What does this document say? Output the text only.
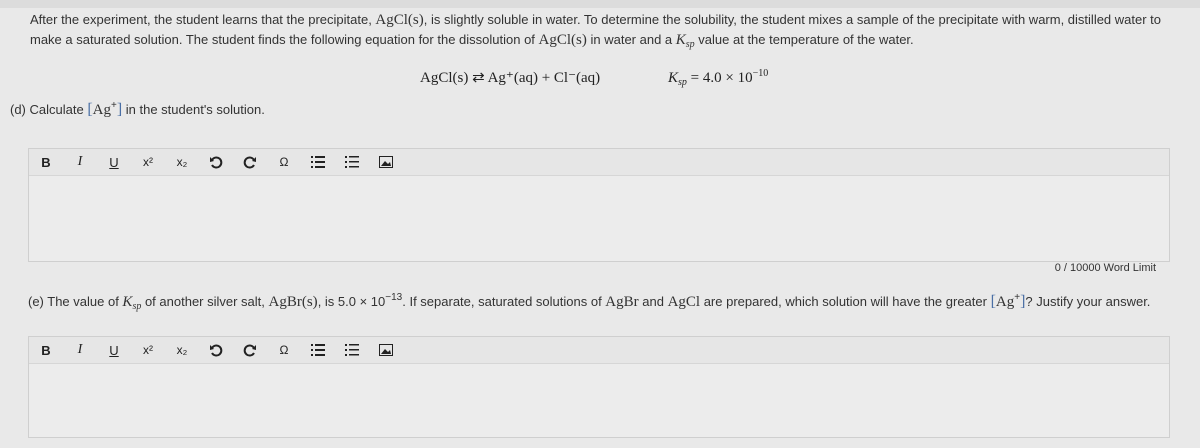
After the experiment, the student learns that the precipitate, AgCl(s), is slightly soluble in water. To determine the solubility, the student mixes a sample of the precipitate with warm, distilled water to make a saturated solution. The student finds the following equation for the dissolution of AgCl(s) in water and a $K_{sp}$ value at the temperature of the water.
AgCl(s) ⇄ Ag⁺(aq) + Cl⁻(aq)	$K_{sp} = 4.0 \times 10^{-10}$
(d) Calculate [Ag+] in the student's solution.
B	I	U	x²	x₂	Ω
0 / 10000 Word Limit
(e) The value of $K_{sp}$ of another silver salt, AgBr(s), is $5.0 \times 10^{-13}$. If separate, saturated solutions of AgBr and AgCl are prepared, which solution will have the greater [Ag+]? Justify your answer.
B	I	U	x²	x₂	Ω
